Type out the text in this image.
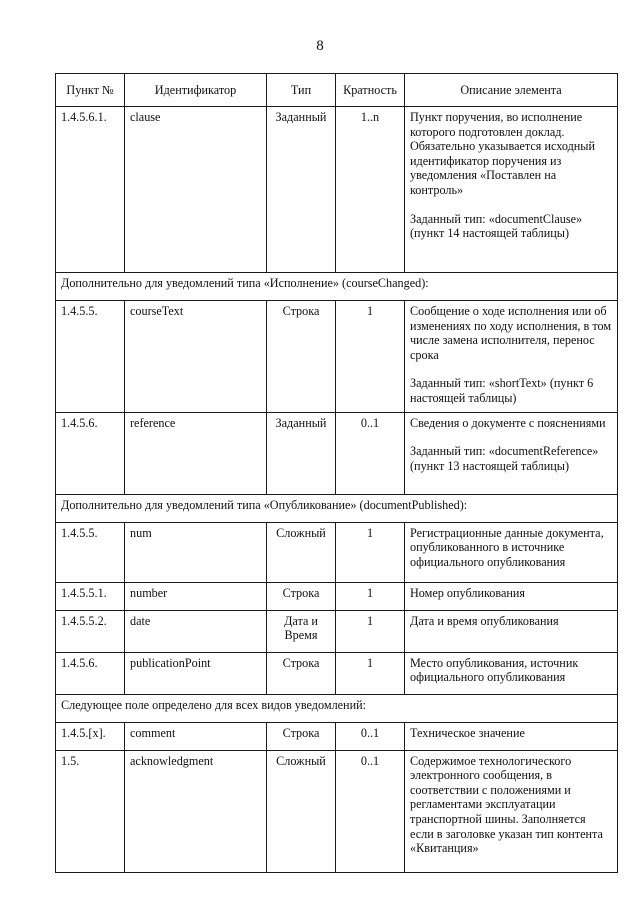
8
Пункт №	Идентификатор	Тип	Кратность	Описание элемента
1.4.5.6.1.	clause	Заданный	1..n	Пункт поручения, во исполнение которого подготовлен доклад. Обязательно указывается исходный идентификатор поручения из уведомления «Поставлен на контроль»
Заданный тип: «documentClause» (пункт 14 настоящей таблицы)

Дополнительно для уведомлений типа «Исполнение» (courseChanged):				
1.4.5.5.	courseText	Строка	1	Сообщение о ходе исполнения или об изменениях по ходу исполнения, в том числе замена исполнителя, перенос срока
Заданный тип: «shortText» (пункт 6 настоящей таблицы)

1.4.5.6.	reference	Заданный	0..1	Сведения о документе с пояснениями
Заданный тип: «documentReference» (пункт 13 настоящей таблицы)

Дополнительно для уведомлений типа «Опубликование» (documentPublished):				
1.4.5.5.	num	Сложный	1	Регистрационные данные документа, опубликованного в источнике официального опубликования

1.4.5.5.1.	number	Строка	1	Номер опубликования

1.4.5.5.2.	date	Дата и Время	1	Дата и время опубликования

1.4.5.6.	publicationPoint	Строка	1	Место опубликования, источник официального опубликования

Следующее поле определено для всех видов уведомлений:				
1.4.5.[x].	comment	Строка	0..1	Техническое значение

1.5.	acknowledgment	Сложный	0..1	Содержимое технологического электронного сообщения, в соответствии с положениями и регламентами эксплуатации транспортной шины. Заполняется если в заголовке указан тип контента «Квитанция»
